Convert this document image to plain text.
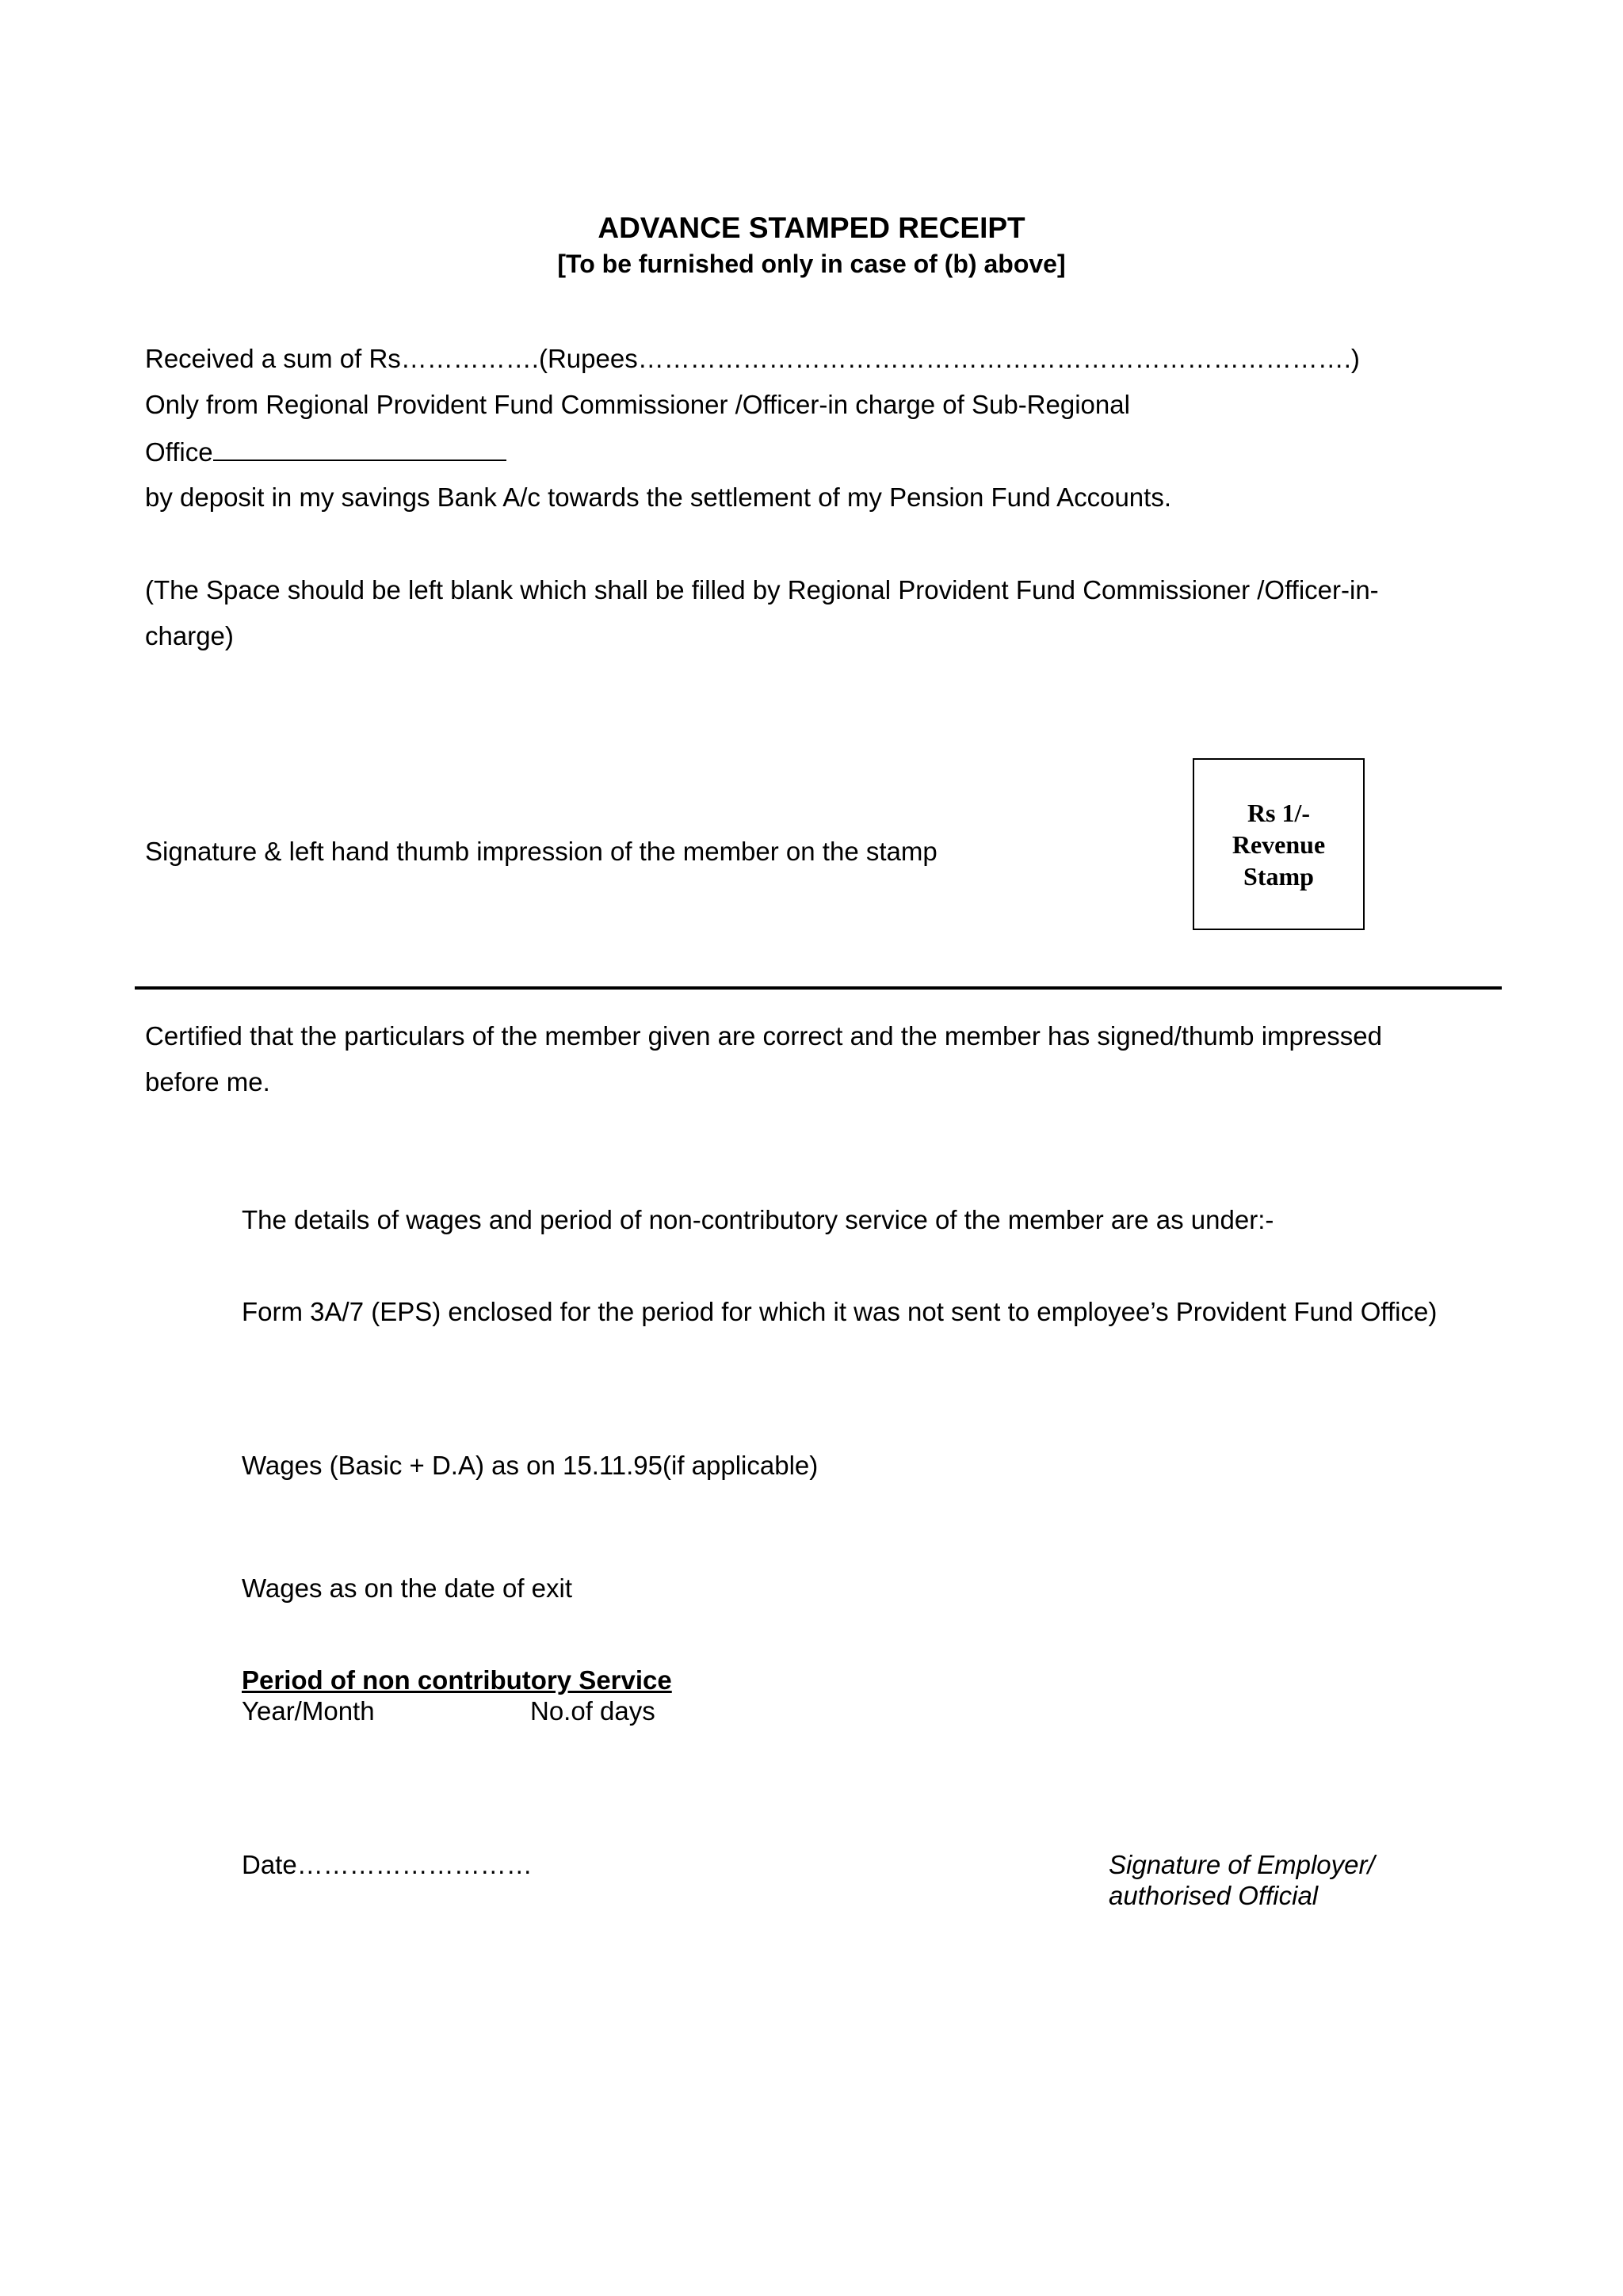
ADVANCE STAMPED RECEIPT
[To be furnished only in case of (b) above]
Received a sum of Rs…………….(Rupees……………………………………………………………………….)
Only from Regional Provident Fund Commissioner /Officer-in charge of Sub-Regional
Office
by deposit in my savings Bank A/c towards the settlement of my Pension Fund Accounts.
(The Space should be left blank which shall be filled by Regional Provident Fund Commissioner /Officer-in-
charge)
Signature & left hand thumb impression of the member on the stamp
Rs 1/-
Revenue
Stamp
Certified that the particulars of the member given are correct and the member has signed/thumb impressed
before me.
The details of wages and period of non-contributory service of the member are as under:-
Form 3A/7 (EPS) enclosed for the period for which it was not sent to employee’s Provident Fund Office)
Wages (Basic + D.A) as on 15.11.95(if applicable)
Wages as on the date of exit
Period of non contributory Service
Year/Month	No.of days
Date………………………	Signature of Employer/
authorised Official
